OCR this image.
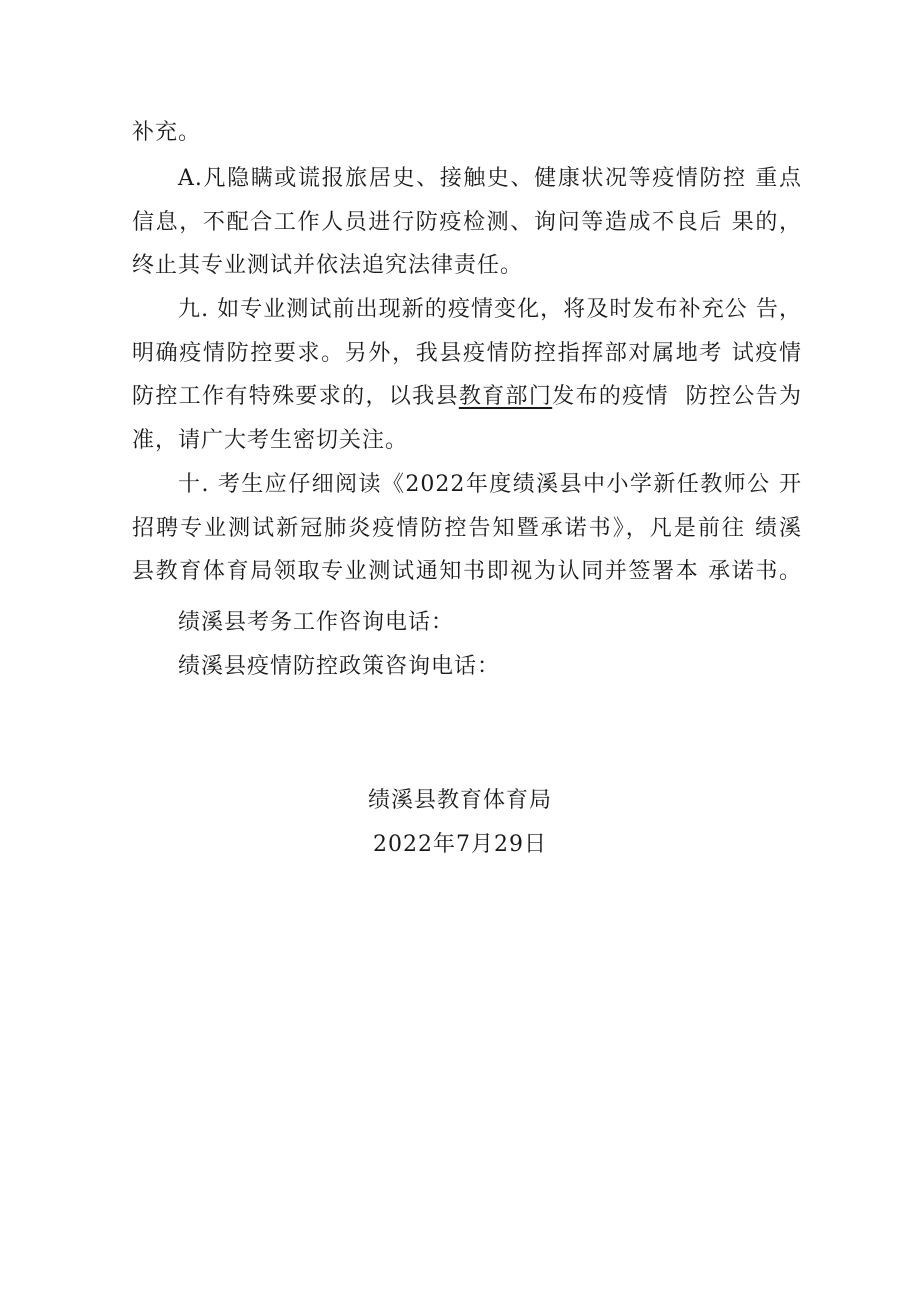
补充。
A.凡隐瞒或谎报旅居史、接触史、健康状况等疫情防控 重点
信息，不配合工作人员进行防疫检测、询问等造成不良后 果的，
终止其专业测试并依法追究法律责任。
九. 如专业测试前出现新的疫情变化，将及时发布补充公 告，
明确疫情防控要求。另外，我县疫情防控指挥部对属地考 试疫情
防控工作有特殊要求的，以我县教育部门发布的疫情  防控公告为
准，请广大考生密切关注。
十. 考生应仔细阅读《2022年度绩溪县中小学新任教师公 开
招聘专业测试新冠肺炎疫情防控告知暨承诺书》，凡是前往 绩溪
县教育体育局领取专业测试通知书即视为认同并签署本 承诺书。
绩溪县考务工作咨询电话：
绩溪县疫情防控政策咨询电话：
绩溪县教育体育局
2022年7月29日
